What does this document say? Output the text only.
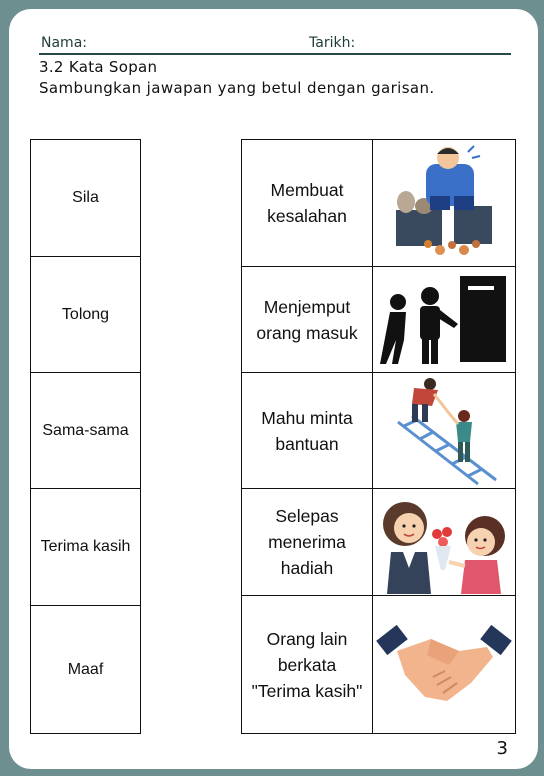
Nama:	Tarikh:
3.2 Kata Sopan
Sambungkan jawapan yang betul dengan garisan.
Sila
Tolong
Sama-sama
Terima kasih
Maaf
Membuat
kesalahan
Menjemput
orang masuk
Mahu minta
bantuan
Selepas
menerima
hadiah
Orang lain
berkata
"Terima kasih"
3
